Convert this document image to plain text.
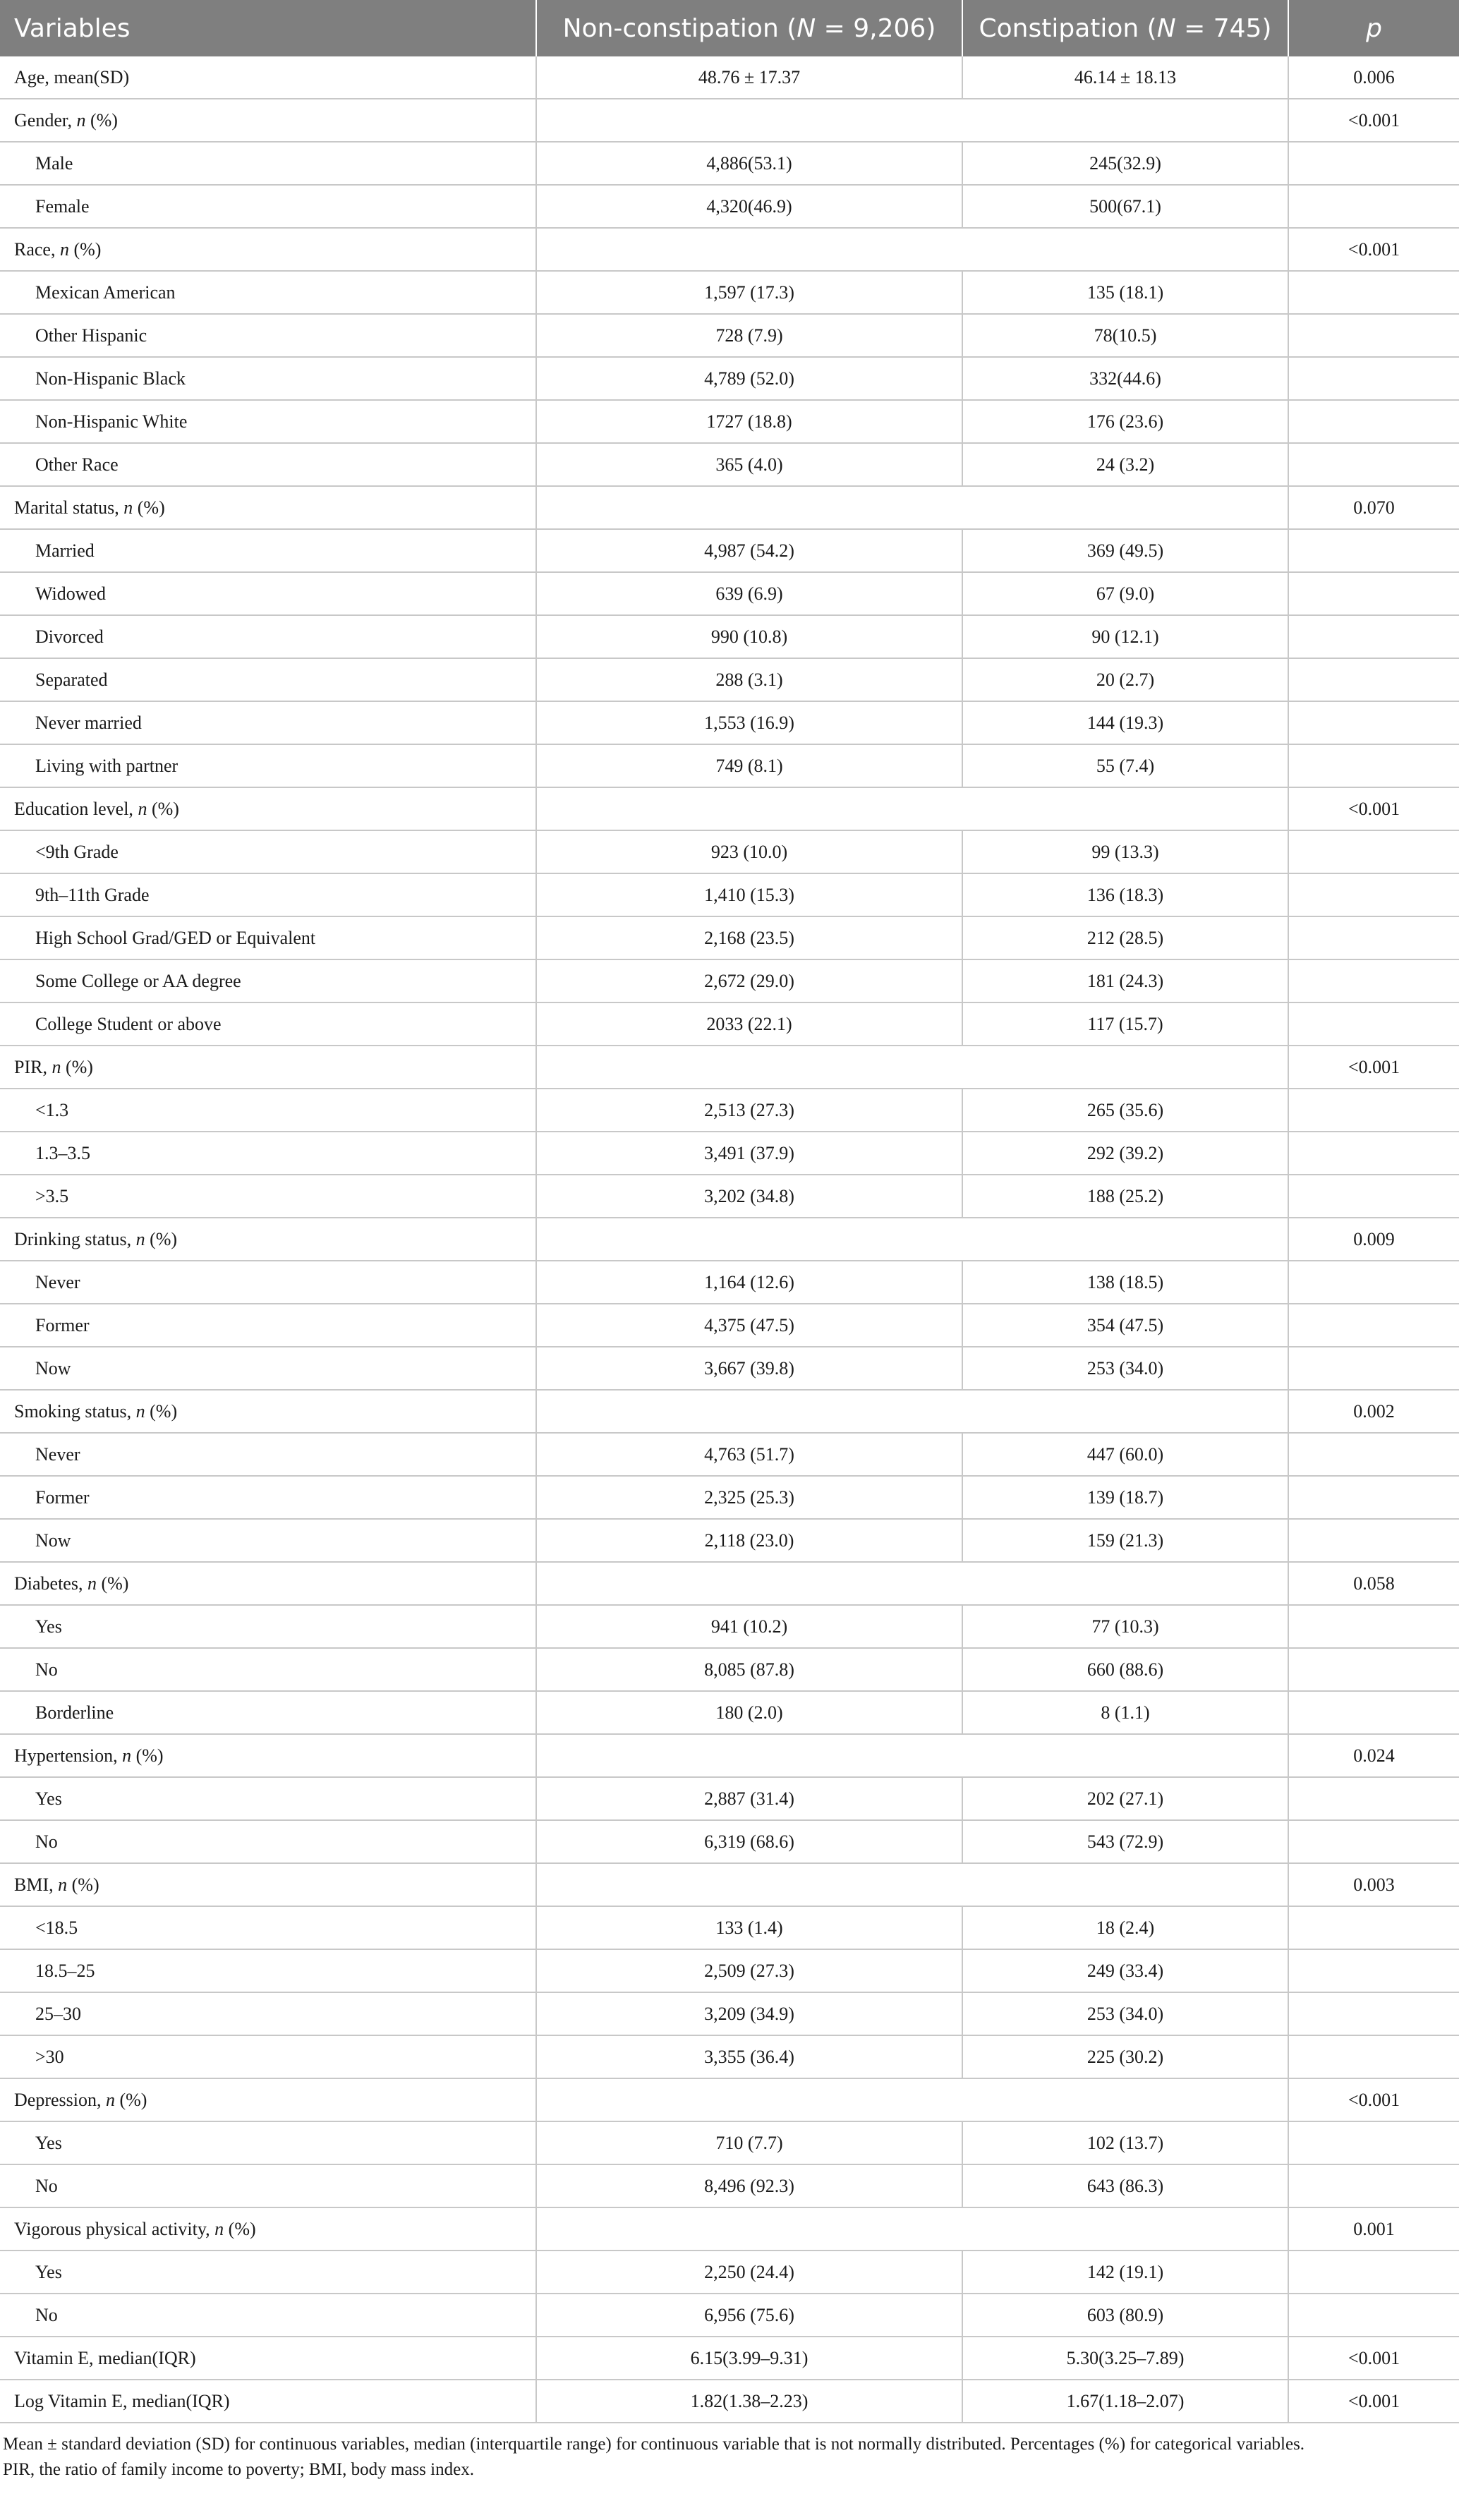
Variables	Non-constipation (N = 9,206)	Constipation (N = 745)	p
Age, mean(SD)	48.76 ± 17.37	46.14 ± 18.13	0.006
Gender, n (%)			<0.001
Male	4,886(53.1)	245(32.9)	
Female	4,320(46.9)	500(67.1)	
Race, n (%)			<0.001
Mexican American	1,597 (17.3)	135 (18.1)	
Other Hispanic	728 (7.9)	78(10.5)	
Non-Hispanic Black	4,789 (52.0)	332(44.6)	
Non-Hispanic White	1727 (18.8)	176 (23.6)	
Other Race	365 (4.0)	24 (3.2)	
Marital status, n (%)			0.070
Married	4,987 (54.2)	369 (49.5)	
Widowed	639 (6.9)	67 (9.0)	
Divorced	990 (10.8)	90 (12.1)	
Separated	288 (3.1)	20 (2.7)	
Never married	1,553 (16.9)	144 (19.3)	
Living with partner	749 (8.1)	55 (7.4)	
Education level, n (%)			<0.001
<9th Grade	923 (10.0)	99 (13.3)	
9th–11th Grade	1,410 (15.3)	136 (18.3)	
High School Grad/GED or Equivalent	2,168 (23.5)	212 (28.5)	
Some College or AA degree	2,672 (29.0)	181 (24.3)	
College Student or above	2033 (22.1)	117 (15.7)	
PIR, n (%)			<0.001
<1.3	2,513 (27.3)	265 (35.6)	
1.3–3.5	3,491 (37.9)	292 (39.2)	
>3.5	3,202 (34.8)	188 (25.2)	
Drinking status, n (%)			0.009
Never	1,164 (12.6)	138 (18.5)	
Former	4,375 (47.5)	354 (47.5)	
Now	3,667 (39.8)	253 (34.0)	
Smoking status, n (%)			0.002
Never	4,763 (51.7)	447 (60.0)	
Former	2,325 (25.3)	139 (18.7)	
Now	2,118 (23.0)	159 (21.3)	
Diabetes, n (%)			0.058
Yes	941 (10.2)	77 (10.3)	
No	8,085 (87.8)	660 (88.6)	
Borderline	180 (2.0)	8 (1.1)	
Hypertension, n (%)			0.024
Yes	2,887 (31.4)	202 (27.1)	
No	6,319 (68.6)	543 (72.9)	
BMI, n (%)			0.003
<18.5	133 (1.4)	18 (2.4)	
18.5–25	2,509 (27.3)	249 (33.4)	
25–30	3,209 (34.9)	253 (34.0)	
>30	3,355 (36.4)	225 (30.2)	
Depression, n (%)			<0.001
Yes	710 (7.7)	102 (13.7)	
No	8,496 (92.3)	643 (86.3)	
Vigorous physical activity, n (%)			0.001
Yes	2,250 (24.4)	142 (19.1)	
No	6,956 (75.6)	603 (80.9)	
Vitamin E, median(IQR)	6.15(3.99–9.31)	5.30(3.25–7.89)	<0.001
Log Vitamin E, median(IQR)	1.82(1.38–2.23)	1.67(1.18–2.07)	<0.001
Mean ± standard deviation (SD) for continuous variables, median (interquartile range) for continuous variable that is not normally distributed. Percentages (%) for categorical variables.
PIR, the ratio of family income to poverty; BMI, body mass index.
